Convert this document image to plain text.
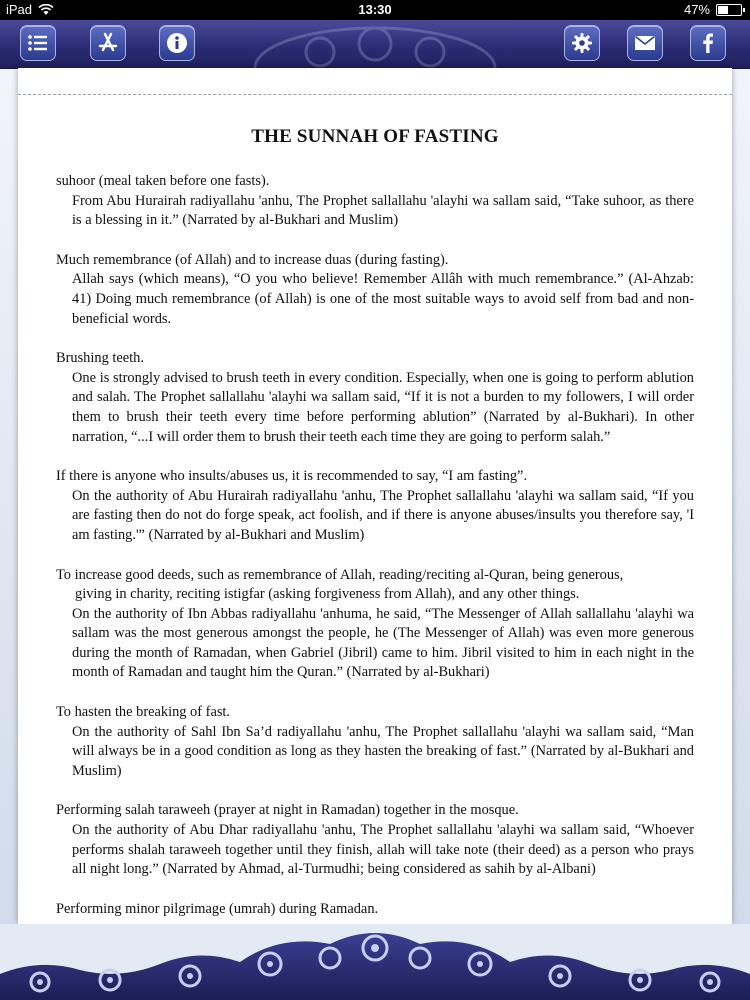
iPad	13:30	47%
THE SUNNAH OF FASTING
suhoor (meal taken before one fasts).
From Abu Hurairah radiyallahu 'anhu, The Prophet sallallahu 'alayhi wa sallam said, “Take suhoor, as there is a blessing in it.” (Narrated by al-Bukhari and Muslim)
Much remembrance (of Allah) and to increase duas (during fasting).
Allah says (which means), “O you who believe! Remember Allâh with much remembrance.” (Al-Ahzab: 41) Doing much remembrance (of Allah) is one of the most suitable ways to avoid self from bad and non-beneficial words.
Brushing teeth.
One is strongly advised to brush teeth in every condition. Especially, when one is going to perform ablution and salah. The Prophet sallallahu 'alayhi wa sallam said, “If it is not a burden to my followers, I will order them to brush their teeth every time before performing ablution” (Narrated by al-Bukhari). In other narration, “...I will order them to brush their teeth each time they are going to perform salah.”
If there is anyone who insults/abuses us, it is recommended to say, “I am fasting”.
On the authority of Abu Hurairah radiyallahu 'anhu, The Prophet sallallahu 'alayhi wa sallam said, “If you are fasting then do not do forge speak, act foolish, and if there is anyone abuses/insults you therefore say, 'I am fasting.'” (Narrated by al-Bukhari and Muslim)
To increase good deeds, such as remembrance of Allah, reading/reciting al-Quran, being generous,
giving in charity, reciting istigfar (asking forgiveness from Allah), and any other things.
On the authority of Ibn Abbas radiyallahu 'anhuma, he said, “The Messenger of Allah sallallahu 'alayhi wa sallam was the most generous amongst the people, he (The Messenger of Allah) was even more generous during the month of Ramadan, when Gabriel (Jibril) came to him. Jibril visited to him in each night in the month of Ramadan and taught him the Quran.” (Narrated by al-Bukhari)
To hasten the breaking of fast.
On the authority of Sahl Ibn Sa’d radiyallahu 'anhu, The Prophet sallallahu 'alayhi wa sallam said, “Man will always be in a good condition as long as they hasten the breaking of fast.” (Narrated by al-Bukhari and Muslim)
Performing salah taraweeh (prayer at night in Ramadan) together in the mosque.
On the authority of Abu Dhar radiyallahu 'anhu, The Prophet sallallahu 'alayhi wa sallam said, “Whoever performs shalah taraweeh together until they finish, allah will take note (their deed) as a person who prays all night long.” (Narrated by Ahmad, al-Turmudhi; being considered as sahih by al-Albani)
Performing minor pilgrimage (umrah) during Ramadan.
